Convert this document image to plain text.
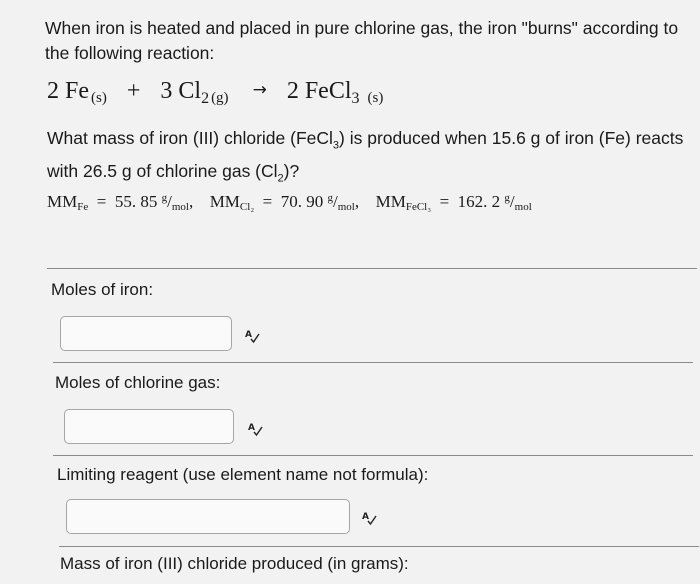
When iron is heated and placed in pure chlorine gas, the iron "burns" according to the following reaction:
2 Fe (s) + 3 $Cl_2$ (g) → 2 FeCl$_3$ (s)
What mass of iron (III) chloride (FeCl$_3$) is produced when 15.6 g of iron (Fe) reacts with 26.5 g of chlorine gas $(Cl_2)$?
MMFe  =  55. 85 $^g$/mol,  MMCl₂  =  70. 90 $^g$/mol,  MMFeCl₃  =  162. 2 $^g$/mol
Moles of iron:
A
Moles of chlorine gas:
A
Limiting reagent (use element name not formula):
A
Mass of iron (III) chloride produced (in grams):
